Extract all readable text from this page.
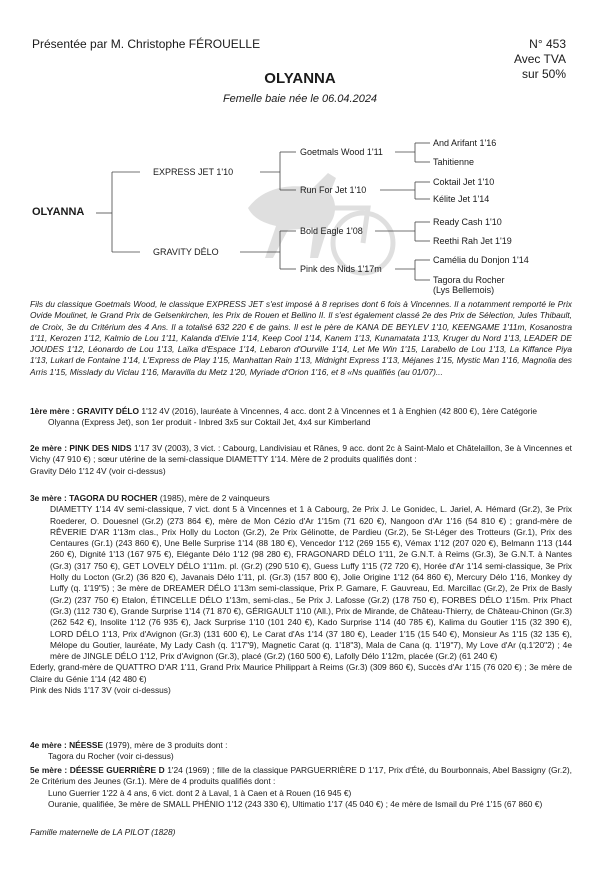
Présentée par M. Christophe FÉROUELLE	N° 453
Avec TVA
sur 50%
OLYANNA
Femelle baie née le 06.04.2024
OLYANNA
EXPRESS JET 1'10
GRAVITY DÉLO
Goetmals Wood 1'11
Run For Jet 1'10
Bold Eagle 1'08
Pink des Nids 1'17m
And Arifant 1'16
Tahitienne
Coktail Jet 1'10
Kélite Jet 1'14
Ready Cash 1'10
Reethi Rah Jet 1'19
Camélia du Donjon 1'14
Tagora du Rocher
(Lys Bellemois)
Fils du classique Goetmals Wood, le classique EXPRESS JET s'est imposé à 8 reprises dont 6 fois à Vincennes. Il a notamment remporté le Prix Ovide Moulinet, le Grand Prix de Gelsenkirchen, les Prix de Rouen et Bellino II. Il s'est également classé 2e des Prix de Sélection, Jules Thibault, de Croix, 3e du Critérium des 4 Ans. Il a totalisé 632 220 € de gains. Il est le père de KANA DE BEYLEV 1'10, KEENGAME 1'11m, Kosanostra 1'11, Kerozen 1'12, Kalmio de Lou 1'11, Kalanda d'Elvie 1'14, Keep Cool 1'14, Kanem 1'13, Kunamatata 1'13, Kruger du Nord 1'13, LEADER DE JOUDES 1'12, Léonardo de Lou 1'13, Laïka d'Espace 1'14, Lebaron d'Ourville 1'14, Let Me Win 1'15, Larabello de Lou 1'13, La Kiffance Piya 1'13, Lukarl de Fontaine 1'14, L'Express de Play 1'15, Manhattan Rain 1'13, Midnight Express 1'13, Méjanes 1'15, Mystic Man 1'16, Magnolia des Arris 1'15, Misslady du Viclau 1'16, Maravilla du Metz 1'20, Myriade d'Orion 1'16, et 8 «Ns qualifiés (au 01/07)...

1ère mère : GRAVITY DÉLO 1'12 4V (2016), lauréate à Vincennes, 4 acc. dont 2 à Vincennes et 1 à Enghien (42 800 €), 1ère Catégorie

Olyanna (Express Jet), son 1er produit - Inbred 3x5 sur Coktail Jet, 4x4 sur Kimberland

2e mère : PINK DES NIDS 1'17 3V (2003), 3 vict. : Cabourg, Landivisiau et Rânes, 9 acc. dont 2c à Saint-Malo et Châtelaillon, 3e à Vincennes et Vichy (47 910 €) ; sœur utérine de la semi-classique DIAMETTY 1'14. Mère de 2 produits qualifiés dont :

Gravity Délo 1'12 4V (voir ci-dessus)

3e mère : TAGORA DU ROCHER (1985), mère de 2 vainqueurs

DIAMETTY 1'14 4V semi-classique, 7 vict. dont 5 à Vincennes et 1 à Cabourg, 2e Prix J. Le Gonidec, L. Jariel, A. Hémard (Gr.2), 3e Prix Roederer, O. Douesnel (Gr.2) (273 864 €), mère de Mon Cézio d'Ar 1'15m (71 620 €), Nangoon d'Ar 1'16 (54 810 €) ; grand-mère de RÊVERIE D'AR 1'13m clas., Prix Holly du Locton (Gr.2), 2e Prix Gélinotte, de Pardieu (Gr.2), 5e St-Léger des Trotteurs (Gr.1), Prix des Centaures (Gr.1) (243 860 €), Une Belle Surprise 1'14 (88 180 €), Vencedor 1'12 (269 155 €), Vémax 1'12 (207 020 €), Belmann 1'13 (144 260 €), Dignité 1'13 (167 975 €), Elégante Délo 1'12 (98 280 €), FRAGONARD DÉLO 1'11, 2e G.N.T. à Reims (Gr.3), 3e G.N.T. à Nantes (Gr.3) (317 750 €), GET LOVELY DÉLO 1'11m. pl. (Gr.2) (290 510 €), Guess Luffy 1'15 (72 720 €), Horée d'Ar 1'14 semi-classique, 3e Prix Holly du Locton (Gr.2) (36 820 €), Javanais Délo 1'11, pl. (Gr.3) (157 800 €), Jolie Origine 1'12 (64 860 €), Mercury Délo 1'16, Monkey dy Luffy (q. 1'19"5) ; 3e mère de DREAMER DÉLO 1'13m semi-classique, Prix P. Gamare, F. Gauvreau, Ed. Marcillac (Gr.2), 2e Prix de Basly (Gr.2) (237 750 €) Etalon, ÉTINCELLE DÉLO 1'13m, semi-clas., 5e Prix J. Lafosse (Gr.2) (178 750 €), FORBES DÉLO 1'15m. Prix Phact (Gr.3) (112 730 €), Grande Surprise 1'14 (71 870 €), GÉRIGAULT 1'10 (All.), Prix de Mirande, de Château-Thierry, de Château-Chinon (Gr.3) (262 542 €), Insolite 1'12 (76 935 €), Jack Surprise 1'10 (101 240 €), Kado Surprise 1'14 (40 785 €), Kalima du Goutier 1'15 (32 390 €), LORD DÉLO 1'13, Prix d'Avignon (Gr.3) (131 600 €), Le Carat d'As 1'14 (37 180 €), Leader 1'15 (15 540 €), Monsieur As 1'15 (32 135 €), Mélope du Goutier, lauréate, My Lady Cash (q. 1'17"9), Magnetic Carat (q. 1'18"3), Mala de Cana (q. 1'19"7), My Love d'Ar (q.1'20"2) ; 4e mère de JINGLE DÉLO 1'12, Prix d'Avignon (Gr.3), placé (Gr.2) (160 500 €), Lafolly Délo 1'12m, placée (Gr.2) (61 240 €)

Ederly, grand-mère de QUATTRO D'AR 1'11, Grand Prix Maurice Philippart à Reims (Gr.3) (309 860 €), Succès d'Ar 1'15 (76 020 €) ; 3e mère de Claire du Génie 1'14 (42 480 €)

Pink des Nids 1'17 3V (voir ci-dessus)

4e mère : NÉESSE (1979), mère de 3 produits dont :

Tagora du Rocher (voir ci-dessus)

5e mère : DÉESSE GUERRIÈRE D 1'24 (1969) ; fille de la classique PARGUERRIÈRE D 1'17, Prix d'Été, du Bourbonnais, Abel Bassigny (Gr.2), 2e Critérium des Jeunes (Gr.1). Mère de 4 produits qualifiés dont :

Luno Guerrier 1'22 à 4 ans, 6 vict. dont 2 à Laval, 1 à Caen et à Rouen (16 945 €)

Ouranie, qualifiée, 3e mère de SMALL PHÉNIO 1'12 (243 330 €), Ultimatio 1'17 (45 040 €) ; 4e mère de Ismail du Pré 1'15 (67 860 €)

Famille maternelle de LA PILOT (1828)
